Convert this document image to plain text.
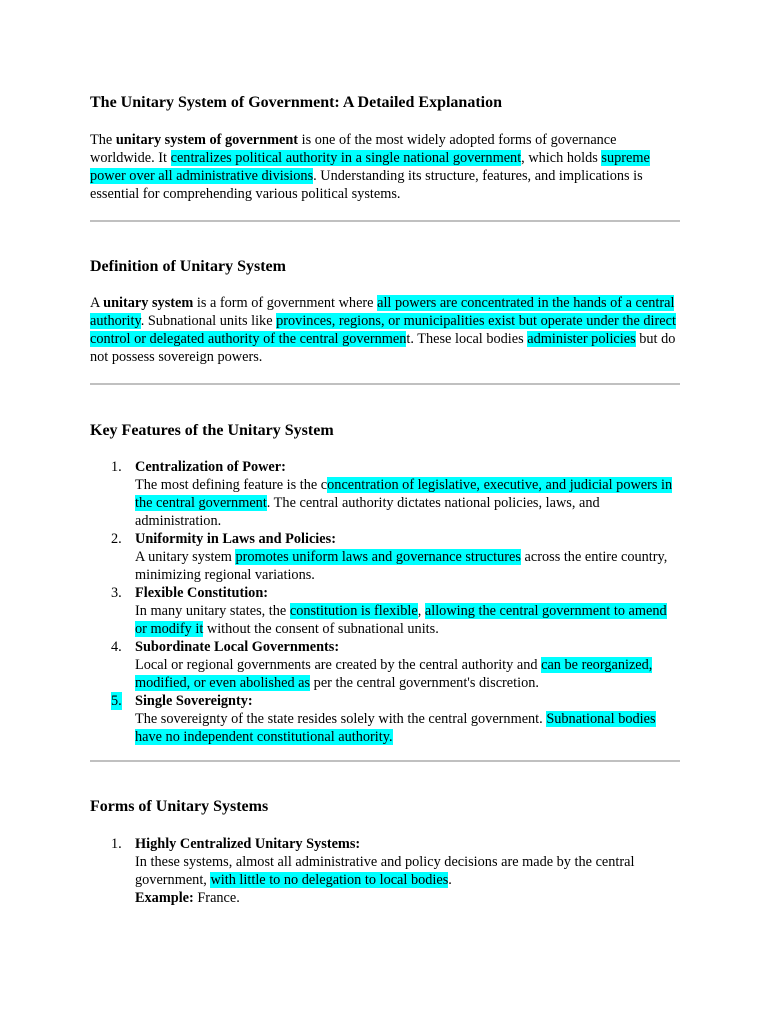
The Unitary System of Government: A Detailed Explanation

The unitary system of government is one of the most widely adopted forms of governance worldwide. It centralizes political authority in a single national government, which holds supreme power over all administrative divisions. Understanding its structure, features, and implications is essential for comprehending various political systems.

Definition of Unitary System

A unitary system is a form of government where all powers are concentrated in the hands of a central authority. Subnational units like provinces, regions, or municipalities exist but operate under the direct control or delegated authority of the central government. These local bodies administer policies but do not possess sovereign powers.

Key Features of the Unitary System
1. Centralization of Power:
The most defining feature is the concentration of legislative, executive, and judicial powers in the central government. The central authority dictates national policies, laws, and administration.
2. Uniformity in Laws and Policies:
A unitary system promotes uniform laws and governance structures across the entire country, minimizing regional variations.
3. Flexible Constitution:
In many unitary states, the constitution is flexible, allowing the central government to amend or modify it without the consent of subnational units.
4. Subordinate Local Governments:
Local or regional governments are created by the central authority and can be reorganized, modified, or even abolished as per the central government's discretion.
5. Single Sovereignty:
The sovereignty of the state resides solely with the central government. Subnational bodies have no independent constitutional authority.
Forms of Unitary Systems
1. Highly Centralized Unitary Systems:
In these systems, almost all administrative and policy decisions are made by the central government, with little to no delegation to local bodies.
Example: France.
